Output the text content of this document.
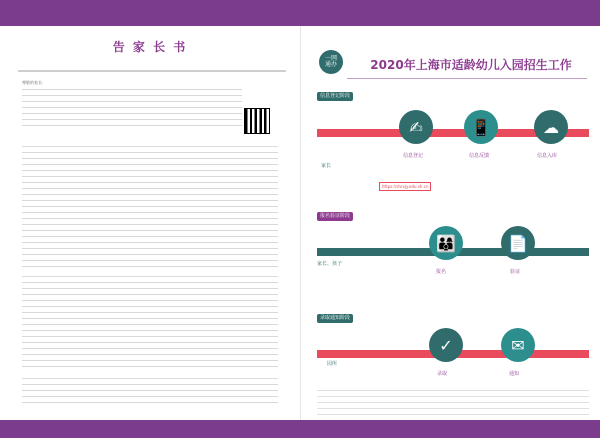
告 家 长 书
尊敬的家长：
一网
通办	2020年上海市适龄幼儿入园招生工作
信息登记阶段
家长
✍	📱	☁
信息登记	信息反馈	信息入库
https://shrxjy.edu.sh.cn
报名验证阶段
家长、孩子
👨‍👩‍👦	📄
报名	验证
录取通知阶段
园所
✓	✉
录取	通知
